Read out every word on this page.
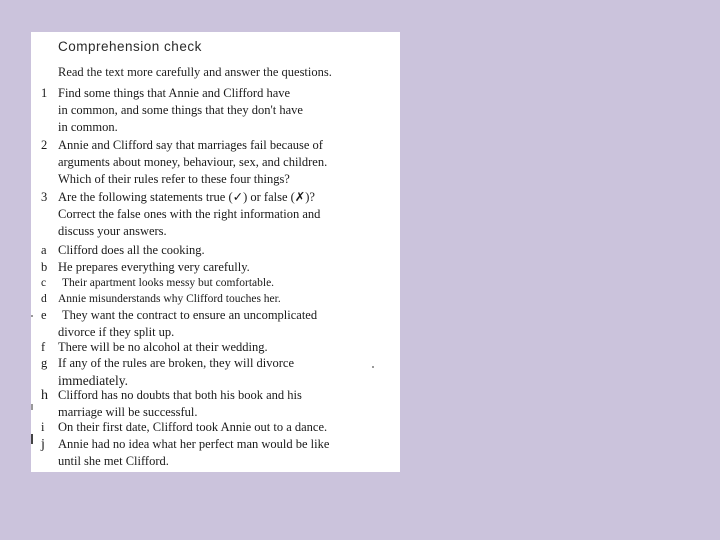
Comprehension check
Read the text more carefully and answer the questions.
1 Find some things that Annie and Clifford have
in common, and some things that they don't have
in common.
2 Annie and Clifford say that marriages fail because of
arguments about money, behaviour, sex, and children.
Which of their rules refer to these four things?
3 Are the following statements true (✓) or false (✗)?
Correct the false ones with the right information and
discuss your answers.
a Clifford does all the cooking.
b He prepares everything very carefully.
c	Their apartment looks messy but comfortable.
d Annie misunderstands why Clifford touches her.
e	They want the contract to ensure an uncomplicated
divorce if they split up.
f There will be no alcohol at their wedding.
g If any of the rules are broken, they will divorce
immediately.
h Clifford has no doubts that both his book and his
marriage will be successful.
i On their first date, Clifford took Annie out to a dance.
j Annie had no idea what her perfect man would be like
until she met Clifford.
